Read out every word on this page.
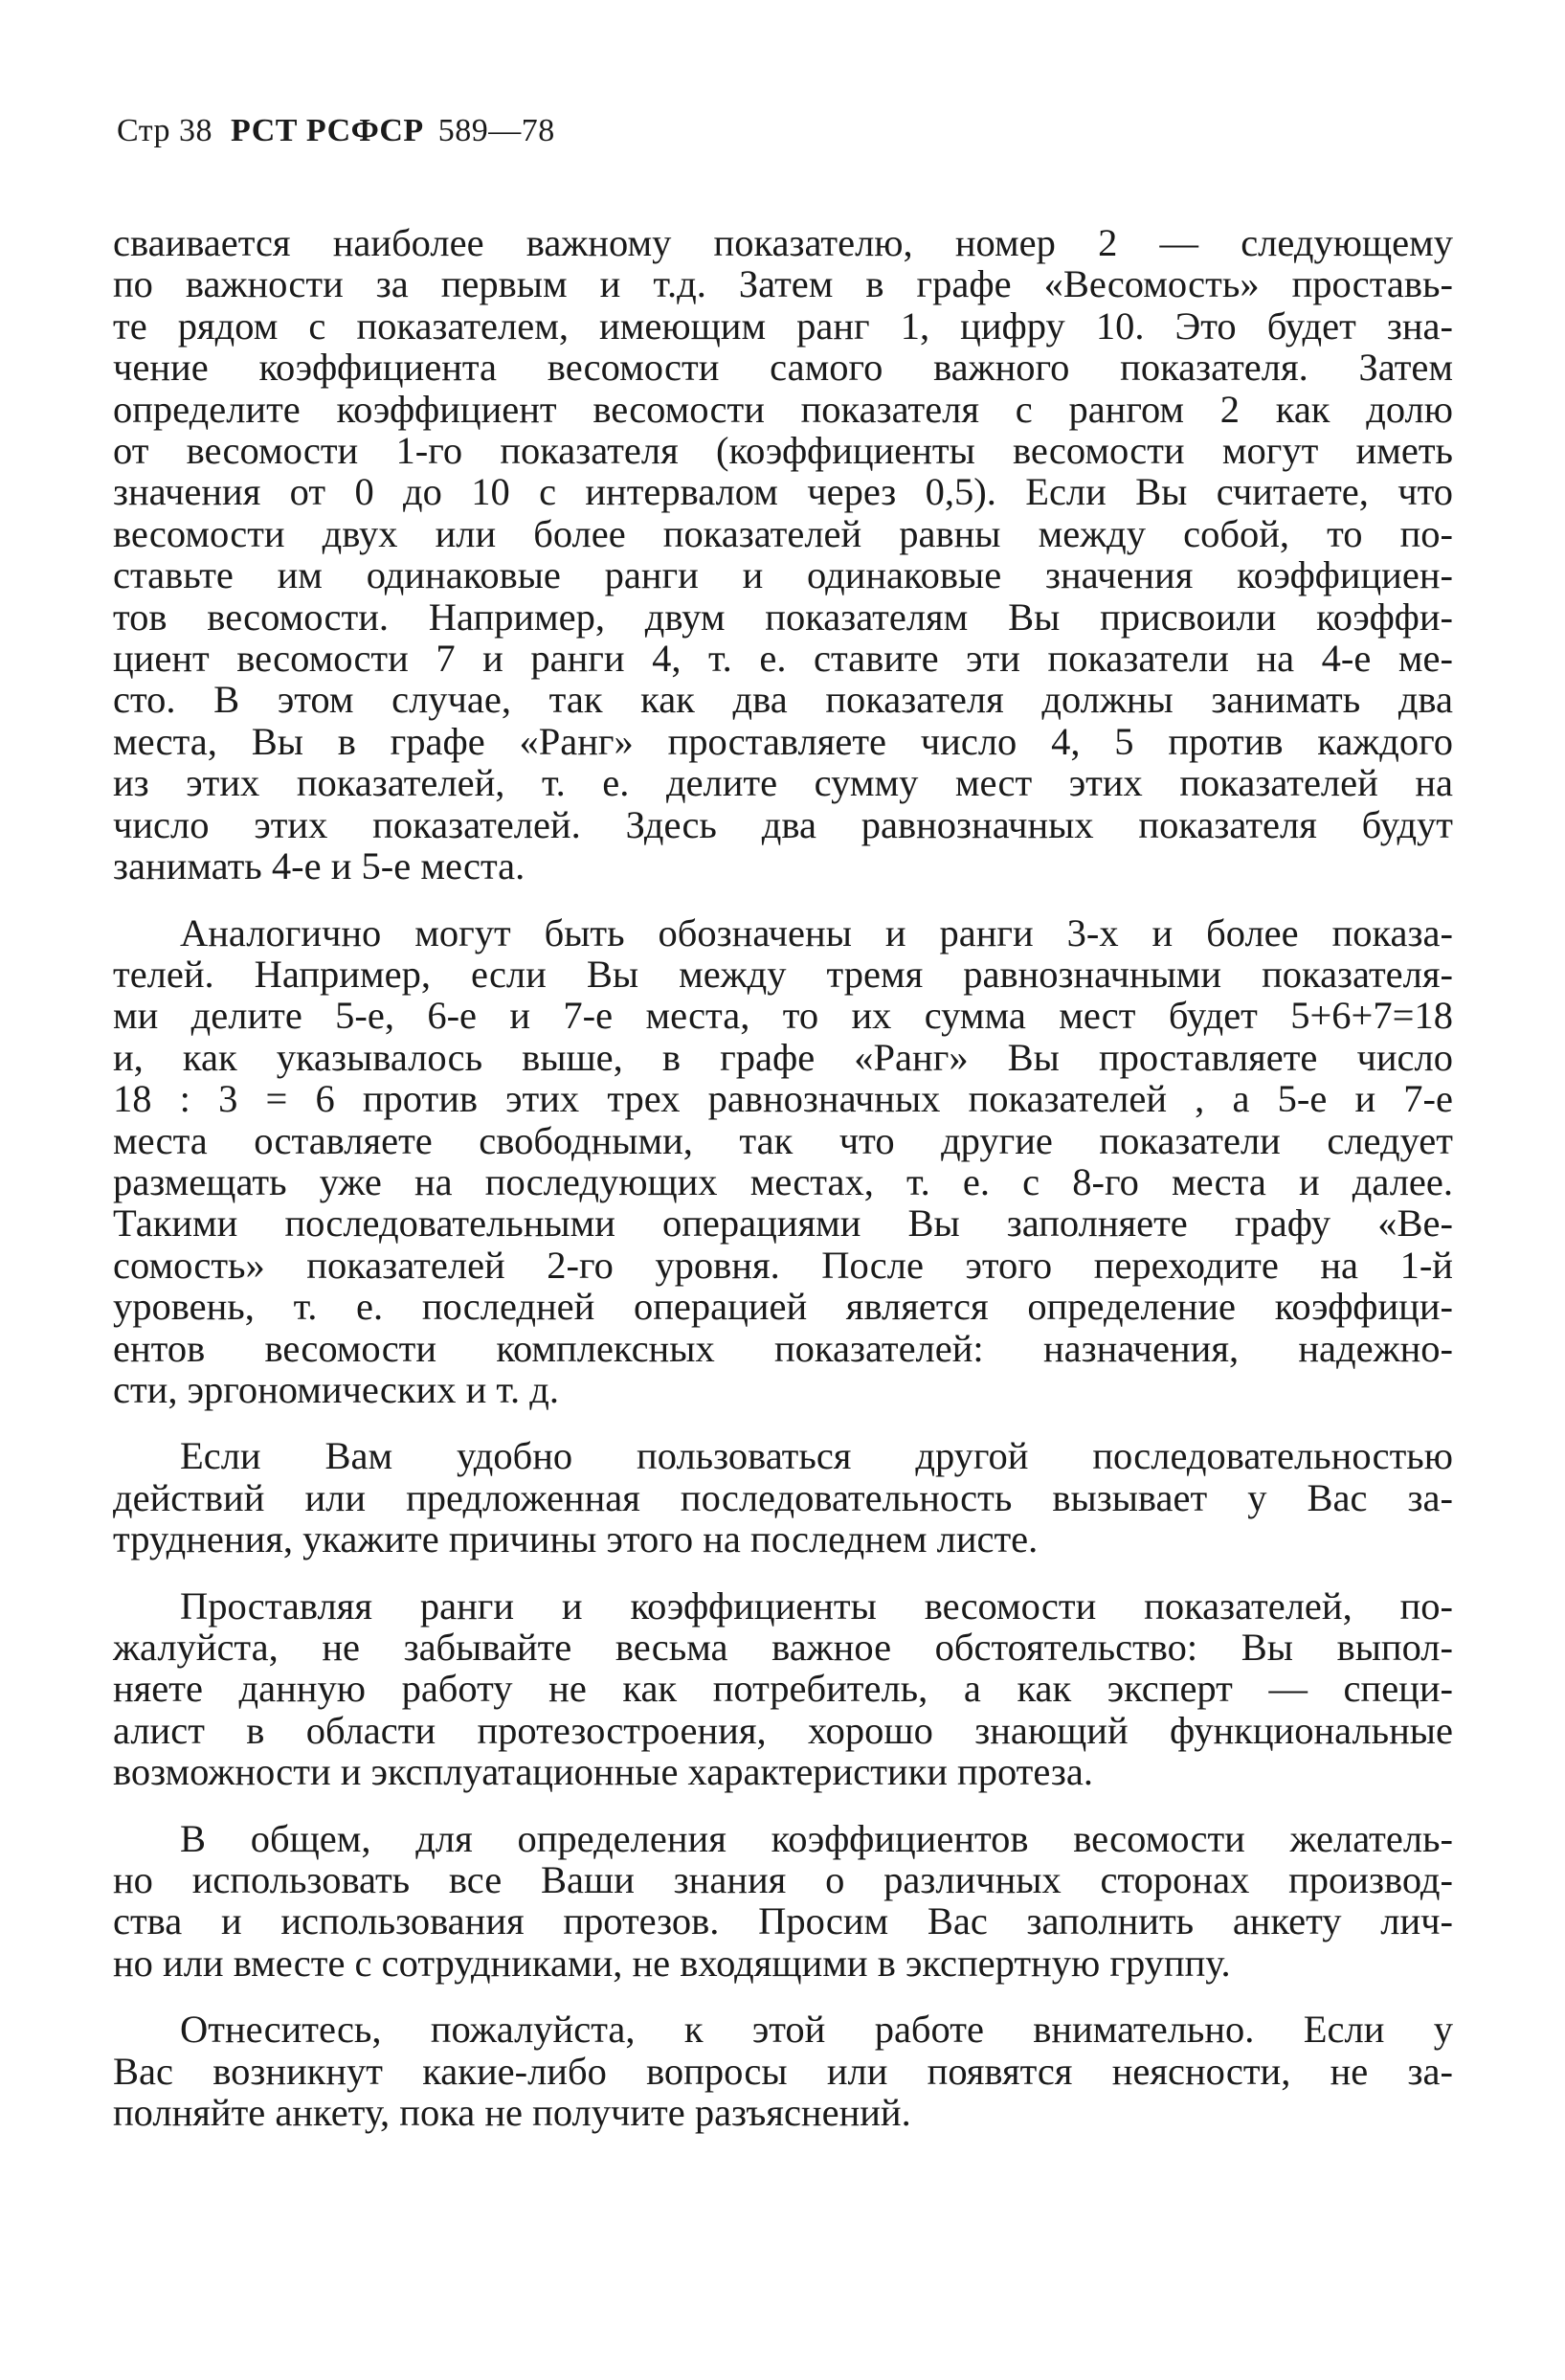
Стр 38 РСТ РСФСР 589—78
сваивается наиболее важному показателю, номер 2 — следующему
по важности за первым и т.д. Затем в графе «Весомость» проставь-
те рядом с показателем, имеющим ранг 1, цифру 10. Это будет зна-
чение коэффициента весомости самого важного показателя. Затем
определите коэффициент весомости показателя с рангом 2 как долю
от весомости 1-го показателя (коэффициенты весомости могут иметь
значения от 0 до 10 с интервалом через 0,5). Если Вы считаете, что
весомости двух или более показателей равны между собой, то по-
ставьте им одинаковые ранги и одинаковые значения коэффициен-
тов весомости. Например, двум показателям Вы присвоили коэффи-
циент весомости 7 и ранги 4, т. е. ставите эти показатели на 4-е ме-
сто. В этом случае, так как два показателя должны занимать два
места, Вы в графе «Ранг» проставляете число 4, 5 против каждого
из этих показателей, т. е. делите сумму мест этих показателей на
число этих показателей. Здесь два равнозначных показателя будут
занимать 4-е и 5-е места.
Аналогично могут быть обозначены и ранги 3-х и более показа-
телей. Например, если Вы между тремя равнозначными показателя-
ми делите 5-е, 6-е и 7-е места, то их сумма мест будет 5+6+7=18
и, как указывалось выше, в графе «Ранг» Вы проставляете число
18 : 3 = 6 против этих трех равнозначных показателей , а 5-е и 7-е
места оставляете свободными, так что другие показатели следует
размещать уже на последующих местах, т. е. с 8-го места и далее.
Такими последовательными операциями Вы заполняете графу «Ве-
сомость» показателей 2-го уровня. После этого переходите на 1-й
уровень, т. е. последней операцией является определение коэффици-
ентов весомости комплексных показателей: назначения, надежно-
сти, эргономических и т. д.
Если Вам удобно пользоваться другой последовательностью
действий или предложенная последовательность вызывает у Вас за-
труднения, укажите причины этого на последнем листе.
Проставляя ранги и коэффициенты весомости показателей, по-
жалуйста, не забывайте весьма важное обстоятельство: Вы выпол-
няете данную работу не как потребитель, а как эксперт — специ-
алист в области протезостроения, хорошо знающий функциональные
возможности и эксплуатационные характеристики протеза.
В общем, для определения коэффициентов весомости желатель-
но использовать все Ваши знания о различных сторонах производ-
ства и использования протезов. Просим Вас заполнить анкету лич-
но или вместе с сотрудниками, не входящими в экспертную группу.
Отнеситесь, пожалуйста, к этой работе внимательно. Если у
Вас возникнут какие-либо вопросы или появятся неясности, не за-
полняйте анкету, пока не получите разъяснений.
